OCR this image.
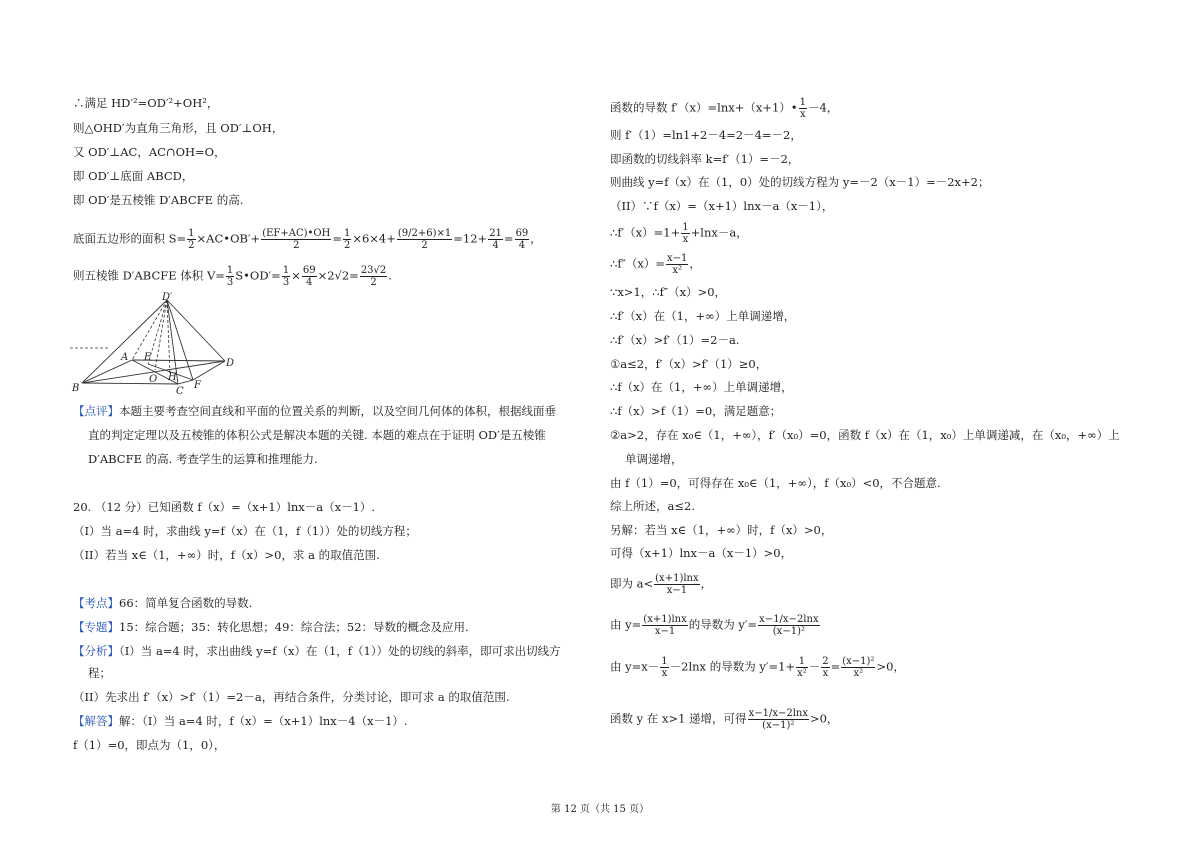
∴满足 HD′²=OD′²+OH²，
则△OHD′为直角三角形，且 OD′⊥OH，
又 OD′⊥AC，AC∩OH=O，
即 OD′⊥底面 ABCD，
即 OD′是五棱锥 D′ABCFE 的高.
底面五边形的面积 $S= \frac{1}{2}$ ×AC•OB′+ $\frac{(EF+AC)•OH}{2} = \frac{1}{2} \times 6\times 4+ \frac{(9/2+6)\times 1}{2} =12+ \frac{21}{4} = \frac{69}{4}$ ，
则五棱锥 D′ABCFE 体积 $V= \frac{1}{3}$ S•OD′= $\frac{1}{3} \times \frac{69}{4} \times 2√2= \frac{23√2}{2}$ .
D′
A E
O H
D
B	C
F
【点评】本题主要考查空间直线和平面的位置关系的判断，以及空间几何体的体积，根据线面垂
直的判定定理以及五棱锥的体积公式是解决本题的关键. 本题的难点在于证明 OD′是五棱锥
D′ABCFE 的高. 考查学生的运算和推理能力.
20. （12 分）已知函数 f（x）=（x+1）lnx－a（x－1）.
（I）当 a=4 时，求曲线 y=f（x）在（1，f（1））处的切线方程；
（II）若当 x∈（1，+∞）时，f（x）>0，求 a 的取值范围.
【考点】66：简单复合函数的导数.
【专题】15：综合题；35：转化思想；49：综合法；52：导数的概念及应用.
【分析】（I）当 a=4 时，求出曲线 y=f（x）在（1，f（1））处的切线的斜率，即可求出切线方
程；
（II）先求出 f′（x）>f′（1）=2－a，再结合条件，分类讨论，即可求 a 的取值范围.
【解答】解：（I）当 a=4 时，f（x）=（x+1）lnx－4（x－1）.
f（1）=0，即点为（1，0），
函数的导数 f′（x）=lnx+（x+1）• $\frac{1}{x} -4$，
则 f′（1）=ln1+2－4=2－4=－2，
即函数的切线斜率 k=f′（1）=－2，
则曲线 y=f（x）在（1，0）处的切线方程为 y=－2（x－1）=－2x+2；
（II）∵f（x）=（x+1）lnx－a（x－1），
∴f′（x）=1+ $\frac{1}{x} +\ln x-a$，
∴f″（x）= $\frac{x-1}{\text{x²}}$ ，
∵x>1，∴f″（x）>0，
∴f′（x）在（1，+∞）上单调递增，
∴f′（x）>f′（1）=2－a.
①a≤2，f′（x）>f′（1）≥0，
∴f（x）在（1，+∞）上单调递增，
∴f（x）>f（1）=0，满足题意；
②a>2，存在 x₀∈（1，+∞），f′（x₀）=0，函数 f（x）在（1，x₀）上单调递减，在（x₀，+∞）上
单调递增，
由 f（1）=0，可得存在 x₀∈（1，+∞），f（x₀）<0，不合题意.
综上所述，a≤2.
另解：若当 x∈（1，+∞）时，f（x）>0，
可得（x+1）lnx－a（x－1）>0，
即为 $a< \frac{(x+1)\ln x}{x-1}$ ，
由 $y= \frac{(x+1)\ln x}{x-1}$ 的导数为 $y'= \frac{x-1/x-2\ln x}{\text{(x−1)²}}$
由 $y=x- \frac{1}{x} -2\ln x$ 的导数为 $y'=1+ \frac{1}{\text{x²}} - \frac{2}{x} = \frac{\text{(x−1)²}}{\text{x²}} >0$，
函数 y 在 x>1 递增，可得 $\frac{x-1/x-2\ln x}{\text{(x−1)²}} >0$，
第 12 页（共 15 页）
